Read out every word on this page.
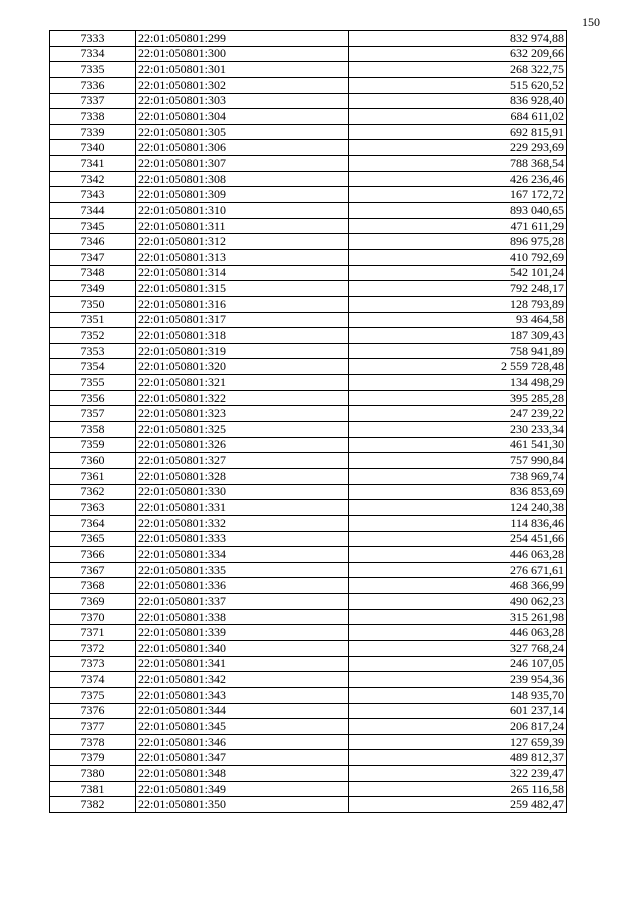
150
7333	22:01:050801:299	832 974,88
7334	22:01:050801:300	632 209,66
7335	22:01:050801:301	268 322,75
7336	22:01:050801:302	515 620,52
7337	22:01:050801:303	836 928,40
7338	22:01:050801:304	684 611,02
7339	22:01:050801:305	692 815,91
7340	22:01:050801:306	229 293,69
7341	22:01:050801:307	788 368,54
7342	22:01:050801:308	426 236,46
7343	22:01:050801:309	167 172,72
7344	22:01:050801:310	893 040,65
7345	22:01:050801:311	471 611,29
7346	22:01:050801:312	896 975,28
7347	22:01:050801:313	410 792,69
7348	22:01:050801:314	542 101,24
7349	22:01:050801:315	792 248,17
7350	22:01:050801:316	128 793,89
7351	22:01:050801:317	93 464,58
7352	22:01:050801:318	187 309,43
7353	22:01:050801:319	758 941,89
7354	22:01:050801:320	2 559 728,48
7355	22:01:050801:321	134 498,29
7356	22:01:050801:322	395 285,28
7357	22:01:050801:323	247 239,22
7358	22:01:050801:325	230 233,34
7359	22:01:050801:326	461 541,30
7360	22:01:050801:327	757 990,84
7361	22:01:050801:328	738 969,74
7362	22:01:050801:330	836 853,69
7363	22:01:050801:331	124 240,38
7364	22:01:050801:332	114 836,46
7365	22:01:050801:333	254 451,66
7366	22:01:050801:334	446 063,28
7367	22:01:050801:335	276 671,61
7368	22:01:050801:336	468 366,99
7369	22:01:050801:337	490 062,23
7370	22:01:050801:338	315 261,98
7371	22:01:050801:339	446 063,28
7372	22:01:050801:340	327 768,24
7373	22:01:050801:341	246 107,05
7374	22:01:050801:342	239 954,36
7375	22:01:050801:343	148 935,70
7376	22:01:050801:344	601 237,14
7377	22:01:050801:345	206 817,24
7378	22:01:050801:346	127 659,39
7379	22:01:050801:347	489 812,37
7380	22:01:050801:348	322 239,47
7381	22:01:050801:349	265 116,58
7382	22:01:050801:350	259 482,47
